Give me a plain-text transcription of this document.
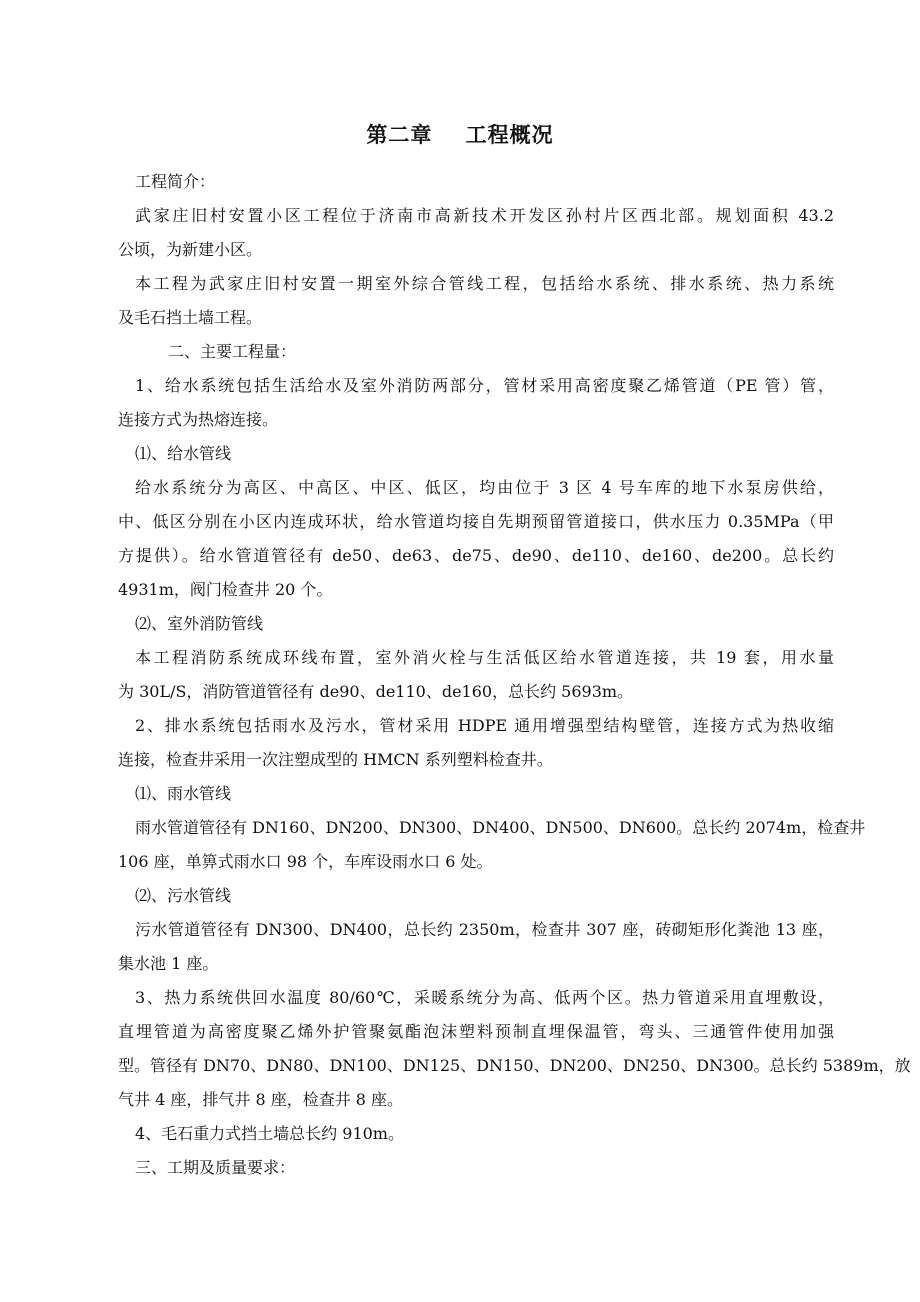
第二章    工程概况
工程简介：
武家庄旧村安置小区工程位于济南市高新技术开发区孙村片区西北部。规划面积 43.2
公顷，为新建小区。
本工程为武家庄旧村安置一期室外综合管线工程，包括给水系统、排水系统、热力系统
及毛石挡土墙工程。
二、主要工程量：
1、给水系统包括生活给水及室外消防两部分，管材采用高密度聚乙烯管道（PE 管）管，
连接方式为热熔连接。
⑴、给水管线
给水系统分为高区、中高区、中区、低区，均由位于 3 区 4 号车库的地下水泵房供给，
中、低区分别在小区内连成环状，给水管道均接自先期预留管道接口，供水压力 0.35MPa（甲
方提供）。给水管道管径有 de50、de63、de75、de90、de110、de160、de200。总长约
4931m，阀门检查井 20 个。
⑵、室外消防管线
本工程消防系统成环线布置，室外消火栓与生活低区给水管道连接，共 19 套，用水量
为 30L/S，消防管道管径有 de90、de110、de160，总长约 5693m。
2、排水系统包括雨水及污水，管材采用 HDPE 通用增强型结构壁管，连接方式为热收缩
连接，检查井采用一次注塑成型的 HMCN 系列塑料检查井。
⑴、雨水管线
雨水管道管径有 DN160、DN200、DN300、DN400、DN500、DN600。总长约 2074m，检查井
106 座，单箅式雨水口 98 个，车库设雨水口 6 处。
⑵、污水管线
污水管道管径有 DN300、DN400，总长约 2350m，检查井 307 座，砖砌矩形化粪池 13 座，
集水池 1 座。
3、热力系统供回水温度 80/60℃，采暖系统分为高、低两个区。热力管道采用直埋敷设，
直埋管道为高密度聚乙烯外护管聚氨酯泡沫塑料预制直埋保温管，弯头、三通管件使用加强
型。管径有 DN70、DN80、DN100、DN125、DN150、DN200、DN250、DN300。总长约 5389m，放
气井 4 座，排气井 8 座，检查井 8 座。
4、毛石重力式挡土墙总长约 910m。
三、工期及质量要求：
